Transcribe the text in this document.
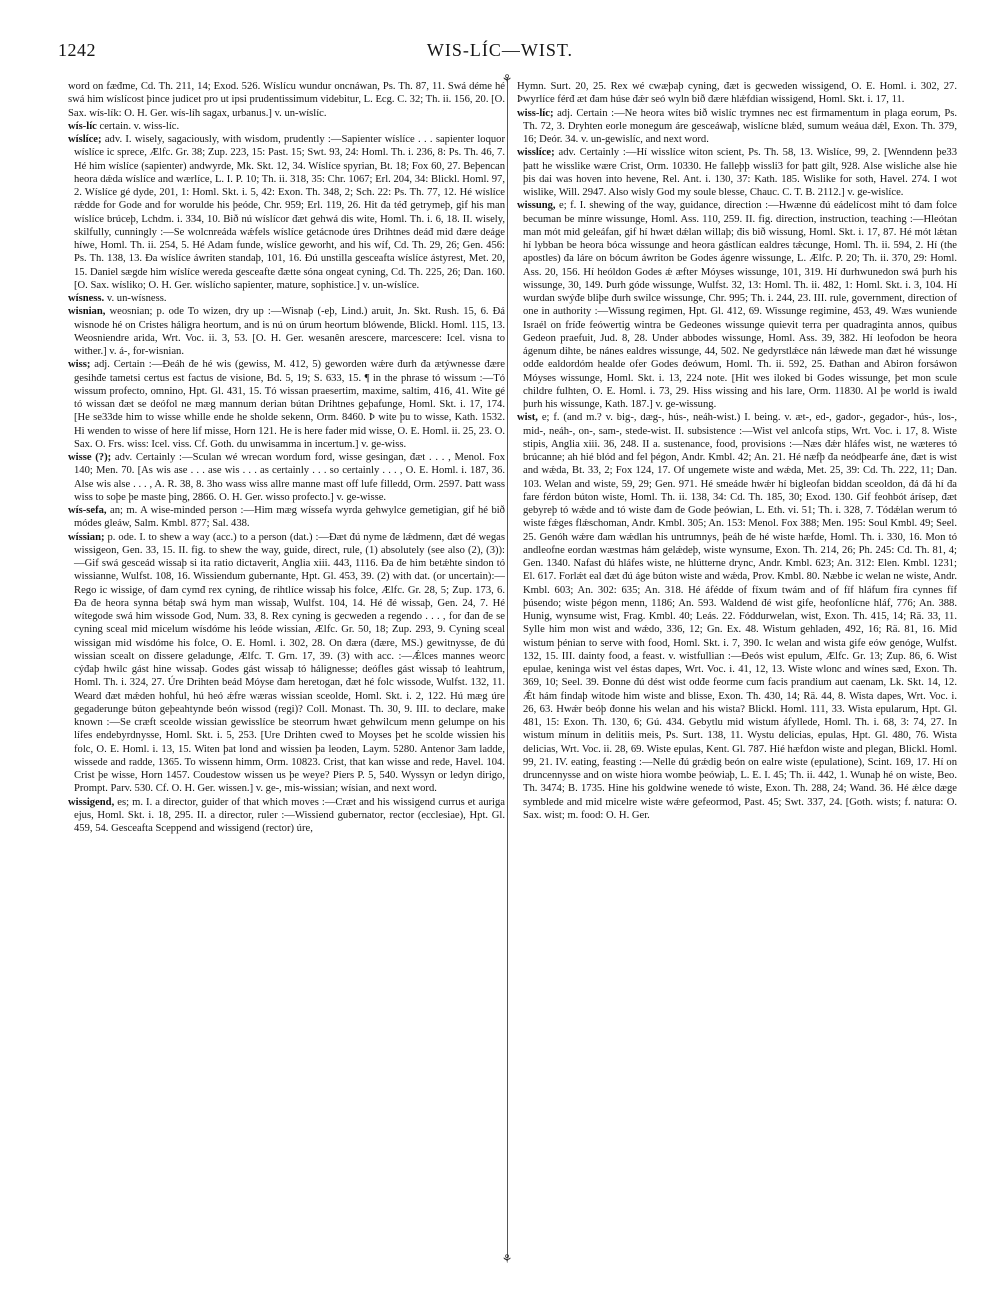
1242	WIS-LÍC—WIST.
⚘
⚘

word on fæđme, Cd. Th. 211, 14; Exod. 526. Wíslícu wundur oncnáwan, Ps. Th. 87, 11. Swá déme hé swá him wíslícost þince judicet pro ut ipsi prudentissimum videbitur, L. Ecg. C. 32; Th. ii. 156, 20. [O. Sax. wís-lík: O. H. Ger. wís-líh sagax, urbanus.] v. un-wíslíc.

wís-líc certain. v. wiss-líc.

wíslíce; adv. I. wisely, sagaciously, with wisdom, prudently :—Sapienter wíslíce . . . sapienter loquor wíslíce ic sprece, Ælfc. Gr. 38; Zup. 223, 15: Past. 15; Swt. 93, 24: Homl. Th. i. 236, 8: Ps. Th. 46, 7. Hé him wíslíce (sapienter) andwyrde, Mk. Skt. 12, 34. Wíslíce spyrian, Bt. 18; Fox 60, 27. Beþencan heora dǽda wíslíce and wærlíce, L. I. P. 10; Th. ii. 318, 35: Chr. 1067; Erl. 204, 34: Blickl. Homl. 97, 2. Wíslíce gé dyde, 201, 1: Homl. Skt. i. 5, 42: Exon. Th. 348, 2; Sch. 22: Ps. Th. 77, 12. Hé wíslíce rǽdde for Gode and for worulde his þeóde, Chr. 959; Erl. 119, 26. Hit đa téđ getrymeþ, gif his man wíslíce brúceþ, Lchdm. i. 334, 10. Bið nú wíslícor đæt gehwá dis wite, Homl. Th. i. 6, 18. II. wisely, skilfully, cunningly :—Se wolcnreáda wǽfels wíslíce getácnode úres Drihtnes deáđ mid đære deáge híwe, Homl. Th. ii. 254, 5. Hé Adam funde, wíslíce geworht, and his wíf, Cd. Th. 29, 26; Gen. 456: Ps. Th. 138, 13. Đa wíslíce áwriten standaþ, 101, 16. Đú unstilla gesceafta wíslíce ástyrest, Met. 20, 15. Daniel sægde him wíslíce wereda gesceafte đætte sóna ongeat cyning, Cd. Th. 225, 26; Dan. 160. [O. Sax. wísliko; O. H. Ger. wíslícho sapienter, mature, sophistice.] v. un-wíslíce.

wísness. v. un-wísness.

wisnian, weosnian; p. ode To wizen, dry up :—Wisnaþ (-eþ, Lind.) aruit, Jn. Skt. Rush. 15, 6. Đá wisnode hé on Cristes háligra heortum, and is nú on úrum heortum blówende, Blickl. Homl. 115, 13. Weosniendre arida, Wrt. Voc. ii. 3, 53. [O. H. Ger. wesanên arescere, marcescere: Icel. visna to wither.] v. á-, for-wisnian.

wiss; adj. Certain :—Đeáh đe hé wis (gewiss, M. 412, 5) geworden wǽre đurh đa ætýwnesse đære gesihđe tametsi certus est factus de visione, Bd. 5, 19; S. 633, 15. ¶ in the phrase tó wissum :—Tó wissum profecto, omnino, Hpt. Gl. 431, 15. Tó wissan praesertim, maxime, saltim, 416, 41. Wite gé tó wissan đæt se deófol ne mæg mannum derian bútan Drihtnes geþafunge, Homl. Skt. i. 17, 174. [He se33de him to wisse whille ende he sholde sekenn, Orm. 8460. Þ wite þu to wisse, Kath. 1532. Hi wenden to wisse of here lif misse, Horn 121. He is here fader mid wisse, O. E. Homl. ii. 25, 23. O. Sax. O. Frs. wiss: Icel. viss. Cf. Goth. du unwisamma in incertum.] v. ge-wiss.

wisse (?); adv. Certainly :—Sculan wé wrecan wordum ford, wisse gesingan, đæt . . . , Menol. Fox 140; Men. 70. [As wis ase . . . ase wis . . . as certainly . . . so certainly . . . , O. E. Homl. i. 187, 36. Alse wis alse . . . , A. R. 38, 8. 3ho wass wiss allre manne mast off lufe filledd, Orm. 2597. Þatt wass wiss to soþe þe maste þing, 2866. O. H. Ger. wisso profecto.] v. ge-wisse.

wís-sefa, an; m. A wise-minded person :—Him mæg wíssefa wyrda gehwylce gemetigian, gif hé bið módes gleáw, Salm. Kmbl. 877; Sal. 438.

wíssian; p. ode. I. to shew a way (acc.) to a person (dat.) :—Đæt đú nyme đe lǽdmenn, đæt đé wegas wissigeon, Gen. 33, 15. II. fig. to shew the way, guide, direct, rule, (1) absolutely (see also (2), (3)):—Gif swá gesceád wissaþ si ita ratio dictaverit, Anglia xiii. 443, 1116. Đa đe him betǽhte sindon tó wissianne, Wulfst. 108, 16. Wissiendum gubernante, Hpt. Gl. 453, 39. (2) with dat. (or uncertain):—Rego ic wissige, of đam cymđ rex cyning, đe rihtlíce wissaþ his folce, Ælfc. Gr. 28, 5; Zup. 173, 6. Đa đe heora synna bétaþ swá hym man wissaþ, Wulfst. 104, 14. Hé đé wissaþ, Gen. 24, 7. Hé wítegode swá him wissode God, Num. 33, 8. Rex cyning is gecweden a regendo . . . , for đan đe se cyning sceal mid micelum wísdóme his leóde wissian, Ælfc. Gr. 50, 18; Zup. 293, 9. Cyning sceal wissigan mid wísdóme his folce, O. E. Homl. i. 302, 28. On đæra (đære, MS.) gewitnysse, đe đú wissian scealt on đissere geladunge, Ælfc. T. Grn. 17, 39. (3) with acc. :—Ǽlces mannes weorc cýđaþ hwilc gást hine wissaþ. Godes gást wissaþ tó hálignesse; deófles gást wissaþ tó leahtrum, Homl. Th. i. 324, 27. Úre Drihten beád Móyse đam heretogan, đæt hé folc wissode, Wulfst. 132, 11. Weard đæt mǽden hohful, hú heó ǽfre wæras wissian sceolde, Homl. Skt. i. 2, 122. Hú mæg úre gegaderunge búton geþeahtynde beón wissod (regi)? Coll. Monast. Th. 30, 9. III. to declare, make known :—Se cræft sceolde wissian gewisslíce be steorrum hwæt gehwilcum menn gelumpe on his lífes endebyrdnysse, Homl. Skt. i. 5, 253. [Ure Drihten cweđ to Moyses þet he scolde wissien his folc, O. E. Homl. i. 13, 15. Witen þat lond and wissien þa leoden, Laym. 5280. Antenor 3am ladde, wissede and radde, 1365. To wissenn himm, Orm. 10823. Crist, that kan wisse and rede, Havel. 104. Crist þe wisse, Horn 1457. Coudestow wissen us þe weye? Piers P. 5, 540. Wyssyn or ledyn dirigo, Prompt. Parv. 530. Cf. O. H. Ger. wissen.] v. ge-, mis-wissian; wísian, and next word.

wissigend, es; m. I. a director, guider of that which moves :—Cræt and his wissigend currus et auriga ejus, Homl. Skt. i. 18, 295. II. a director, ruler :—Wissiend gubernator, rector (ecclesiae), Hpt. Gl. 459, 54. Gesceafta Sceppend and wissigend (rector) úre,

Hymn. Surt. 20, 25. Rex wé cwæþaþ cyning, đæt is gecweden wissigend, O. E. Homl. i. 302, 27. Þwyrlíce férđ æt đam húse đǽr seó wyln bið đære hlǽfdian wissigend, Homl. Skt. i. 17, 11.

wiss-líc; adj. Certain :—Ne heora wítes bið wislíc trymnes nec est firmamentum in plaga eorum, Ps. Th. 72, 3. Dryhten eorle monegum áre gesceáwaþ, wislícne blǽd, sumum weáua dǽl, Exon. Th. 379, 16; Deór. 34. v. un-gewislíc, and next word.

wisslíce; adv. Certainly :—Hí wisslíce witon scient, Ps. Th. 58, 13. Wislíce, 99, 2. [Wenndenn þe33 þatt he wisslike wære Crist, Orm. 10330. He falleþþ wissli3 for þatt gilt, 928. Alse wisliche alse hie þis dai was hoven into hevene, Rel. Ant. i. 130, 37: Kath. 185. Wislike for soth, Havel. 274. I wot wislike, Will. 2947. Also wisly God my soule blesse, Chauc. C. T. B. 2112.] v. ge-wislíce.

wissung, e; f. I. shewing of the way, guidance, direction :—Hwænne đú eádelícost miht tó đam folce becuman be mínre wissunge, Homl. Ass. 110, 259. II. fig. direction, instruction, teaching :—Hleótan man mót mid geleáfan, gif hí hwæt dǽlan willaþ; đis bið wissung, Homl. Skt. i. 17, 87. Hé mót lǽtan hí lybban be heora bóca wissunge and heora gástlícan ealdres tǽcunge, Homl. Th. ii. 594, 2. Hí (the apostles) đa láre on bócum áwriton be Godes ágenre wissunge, L. Ælfc. P. 20; Th. ii. 370, 29: Homl. Ass. 20, 156. Hí heóldon Godes ǽ æfter Móyses wissunge, 101, 319. Hí đurhwunedon swá þurh his wissunge, 30, 149. Þurh góde wissunge, Wulfst. 32, 13: Homl. Th. ii. 482, 1: Homl. Skt. i. 3, 104. Hí wurdan swýđe bliþe đurh swilce wissunge, Chr. 995; Th. i. 244, 23. III. rule, government, direction of one in authority :—Wissung regimen, Hpt. Gl. 412, 69. Wissunge regimine, 453, 49. Wæs wuniende Israél on fríđe feówertig wintra be Gedeones wissunge quievit terra per quadraginta annos, quibus Gedeon praefuit, Jud. 8, 28. Under abbodes wissunge, Homl. Ass. 39, 382. Hí leofodon be heora ágenum dihte, be nánes ealdres wissunge, 44, 502. Ne gedyrstlǽce nán lǽwede man đæt hé wissunge odđe ealdordóm healde ofer Godes đeówum, Homl. Th. ii. 592, 25. Đathan and Abiron forsáwon Móyses wissunge, Homl. Skt. i. 13, 224 note. [Hit wes iloked bi Godes wissunge, þet mon scule childre fulhten, O. E. Homl. i. 73, 29. Hiss wissing and his lare, Orm. 11830. Al þe world is iwald þurh his wissunge, Kath. 187.] v. ge-wissung.

wist, e; f. (and m.? v. big-, dæg-, hús-, neáh-wist.) I. being. v. æt-, ed-, gador-, gegador-, hús-, los-, mid-, neáh-, on-, sam-, stede-wist. II. subsistence :—Wist vel anlcofa stips, Wrt. Voc. i. 17, 8. Wiste stipis, Anglia xiii. 36, 248. II a. sustenance, food, provisions :—Næs đǽr hláfes wist, ne wæteres tó brúcanne; ah hié blód and fel þégon, Andr. Kmbl. 42; An. 21. Hé næfþ đa neódþearfe áne, đæt is wist and wǽda, Bt. 33, 2; Fox 124, 17. Of ungemete wiste and wǽda, Met. 25, 39: Cd. Th. 222, 11; Dan. 103. Welan and wiste, 59, 29; Gen. 971. Hé smeáde hwǽr hí bigleofan biddan sceoldon, đá đá hí đa fare férdon búton wiste, Homl. Th. ii. 138, 34: Cd. Th. 185, 30; Exod. 130. Gif feohbót árísep, đæt gebyreþ tó wǽde and tó wiste đam đe Gode þeówian, L. Eth. vi. 51; Th. i. 328, 7. Tódǽlan werum tó wiste fǽges flǽschoman, Andr. Kmbl. 305; An. 153: Menol. Fox 388; Men. 195: Soul Kmbl. 49; Seel. 25. Genóh wǽre đam wǽdlan his untrumnys, þeáh đe hé wiste hæfde, Homl. Th. i. 330, 16. Mon tó andleofne eordan wæstmas hám gelǽdeþ, wiste wynsume, Exon. Th. 214, 26; Ph. 245: Cd. Th. 81, 4; Gen. 1340. Nafast đú hláfes wiste, ne hlútterne drync, Andr. Kmbl. 623; An. 312: Elen. Kmbl. 1231; El. 617. Forlǽt eal đæt đú áge búton wiste and wǽda, Prov. Kmbl. 80. Næbbe ic welan ne wiste, Andr. Kmbl. 603; An. 302: 635; An. 318. Hé áfédde of fíxum twám and of fíf hláfum fíra cynnes fíf þúsendo; wiste þégon menn, 1186; An. 593. Waldend đé wist gife, heofonlícne hláf, 776; An. 388. Hunig, wynsume wist, Frag. Kmbl. 40; Leás. 22. Fóddurwelan, wist, Exon. Th. 415, 14; Rä. 33, 11. Sylle him mon wist and wǽdo, 336, 12; Gn. Ex. 48. Wistum gehladen, 492, 16; Rä. 81, 16. Mid wistum þénian to serve with food, Homl. Skt. i. 7, 390. Ic welan and wista gife eów genóge, Wulfst. 132, 15. III. dainty food, a feast. v. wistfullian :—Đeós wist epulum, Ælfc. Gr. 13; Zup. 86, 6. Wist epulae, keninga wist vel éstas dapes, Wrt. Voc. i. 41, 12, 13. Wiste wlonc and wínes sæd, Exon. Th. 369, 10; Seel. 39. Đonne đú dést wist odđe feorme cum facis prandium aut caenam, Lk. Skt. 14, 12. Ǽt hám findaþ witode him wiste and blisse, Exon. Th. 430, 14; Rä. 44, 8. Wista dapes, Wrt. Voc. i. 26, 63. Hwǽr beóþ đonne his welan and his wista? Blickl. Homl. 111, 33. Wista epularum, Hpt. Gl. 481, 15: Exon. Th. 130, 6; Gú. 434. Gebytlu mid wistum áfyllede, Homl. Th. i. 68, 3: 74, 27. In wistum mínum in delitiis meis, Ps. Surt. 138, 11. Wystu delicias, epulas, Hpt. Gl. 480, 76. Wista delicias, Wrt. Voc. ii. 28, 69. Wiste epulas, Kent. Gl. 787. Hié hæfdon wiste and plegan, Blickl. Homl. 99, 21. IV. eating, feasting :—Nelle đú grǽdig beón on ealre wiste (epulatione), Scint. 169, 17. Hí on druncennysse and on wiste hiora wombe þeówiaþ, L. E. I. 45; Th. ii. 442, 1. Wunaþ hé on wiste, Beo. Th. 3474; B. 1735. Hine his goldwine wenede tó wiste, Exon. Th. 288, 24; Wand. 36. Hé ǽlce dæge symblede and mid micelre wiste wǽre gefeormod, Past. 45; Swt. 337, 24. [Goth. wists; f. natura: O. Sax. wist; m. food: O. H. Ger.
